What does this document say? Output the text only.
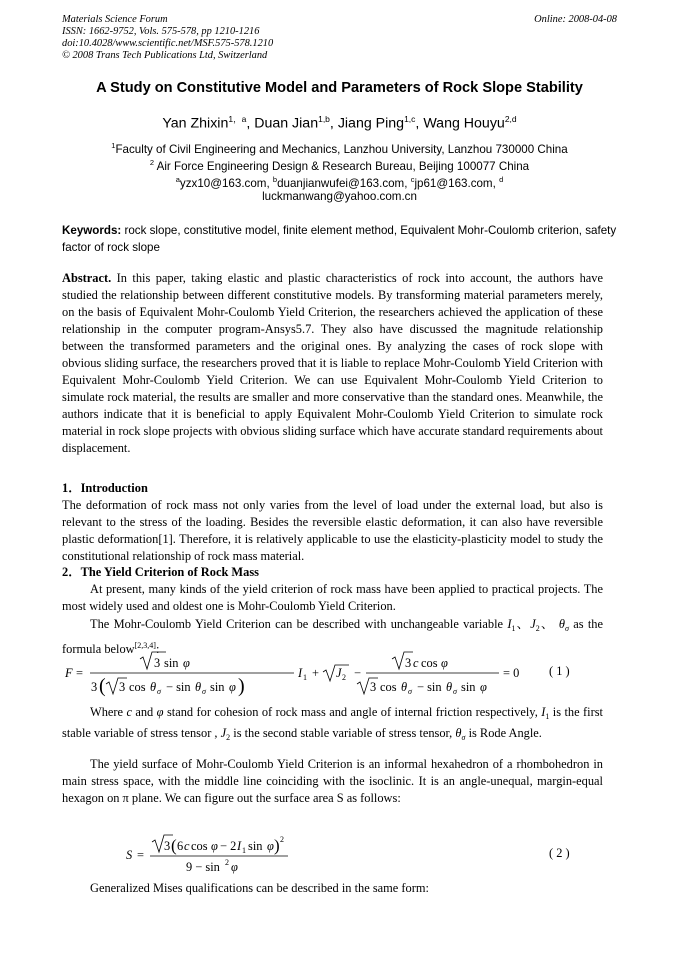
Materials Science Forum
ISSN: 1662-9752, Vols. 575-578, pp 1210-1216
doi:10.4028/www.scientific.net/MSF.575-578.1210
© 2008 Trans Tech Publications Ltd, Switzerland
Online: 2008-04-08
A Study on Constitutive Model and Parameters of Rock Slope Stability
Yan Zhixin$^{1,a}$, Duan Jian$^{1,b}$, Jiang Ping$^{1,c}$, Wang Houyu$^{2,d}$
$^1$Faculty of Civil Engineering and Mechanics, Lanzhou University, Lanzhou 730000 China
$^2$ Air Force Engineering Design & Research Bureau, Beijing 100077 China
$^a$yzx10@163.com, $^b$duanjianwufei@163.com, $^c$jp61@163.com, $^d$
luckmanwang@yahoo.com.cn
Keywords: rock slope, constitutive model, finite element method, Equivalent Mohr-Coulomb criterion, safety factor of rock slope
Abstract. In this paper, taking elastic and plastic characteristics of rock into account, the authors have studied the relationship between different constitutive models. By transforming material parameters merely, on the basis of Equivalent Mohr-Coulomb Yield Criterion, the researchers achieved the application of these relationship in the computer program-Ansys5.7. They also have discussed the magnitude relationship between the transformed parameters and the original ones. By analyzing the cases of rock slope with obvious sliding surface, the researchers proved that it is liable to replace Mohr-Coulomb Yield Criterion with Equivalent Mohr-Coulomb Yield Criterion. We can use Equivalent Mohr-Coulomb Yield Criterion to simulate rock material, the results are smaller and more conservative than the standard ones. Meanwhile, the authors indicate that it is beneficial to apply Equivalent Mohr-Coulomb Yield Criterion to simulate rock material in rock slope projects with obvious sliding surface which have accurate standard requirements about displacement.
1．Introduction
The deformation of rock mass not only varies from the level of load under the external load, but also is relevant to the stress of the loading. Besides the reversible elastic deformation, it can also have reversible plastic deformation[1]. Therefore, it is relatively applicable to use the elasticity-plasticity model to study the constitutional relationship of rock mass material.
2．The Yield Criterion of Rock Mass
At present, many kinds of the yield criterion of rock mass have been applied to practical projects. The most widely used and oldest one is Mohr-Coulomb Yield Criterion.
The Mohr-Coulomb Yield Criterion can be described with unchangeable variable $I_1$、$J_2$、 $\theta_\sigma$ as the formula below[2,3,4]:
F =
3 sin φ
3 ( 3 cos θ σ − sin θ σ sin φ )
I 1 + J 2 −
3 c cos φ
3 cos θ σ − sin θ σ sin φ
= 0 ( 1 )
Where c and φ stand for cohesion of rock mass and angle of internal friction respectively, $I_1$ is the first stable variable of stress tensor , $J_2$ is the second stable variable of stress tensor, $\theta_\sigma$ is Rode Angle.
The yield surface of Mohr-Coulomb Yield Criterion is an informal hexahedron of a rhombohedron in main stress space, with the middle line coinciding with the isoclinic. It is an angle-unequal, margin-equal hexagon on π plane. We can figure out the surface area S as follows:
S =
3 ( 6 c cos φ − 2 I 1 sin φ ) 2
9 − sin 2 φ
( 2 )
Generalized Mises qualifications can be described in the same form:
